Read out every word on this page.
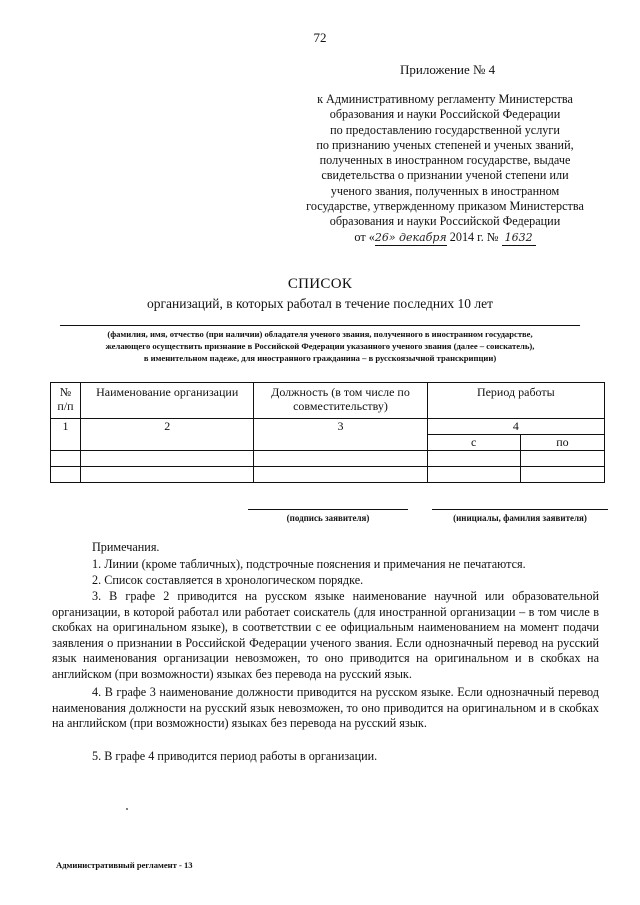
72
Приложение № 4
к Административному регламенту Министерства
образования и науки Российской Федерации
по предоставлению государственной услуги
по признанию ученых степеней и ученых званий,
полученных в иностранном государстве, выдаче
свидетельства о признании ученой степени или
ученого звания, полученных в иностранном
государстве, утвержденному приказом Министерства
образования и науки Российской Федерации
от «26» декабря 2014 г. № 1632
СПИСОК
организаций, в которых работал в течение последних 10 лет
(фамилия, имя, отчество (при наличии) обладателя ученого звания, полученного в иностранном государстве,
желающего осуществить признание в Российской Федерации указанного ученого звания (далее – соискатель),
в именительном падеже, для иностранного гражданина – в русскоязычной транскрипции)
№
п/п	Наименование организации	Должность (в том числе по совместительству)	Период работы	
1	2	3	4	
			с	по

(подпись заявителя)	(инициалы, фамилия заявителя)
Примечания.
1. Линии (кроме табличных), подстрочные пояснения и примечания не печатаются.
2. Список составляется в хронологическом порядке.
3. В графе 2 приводится на русском языке наименование научной или образовательной организации, в которой работал или работает соискатель (для иностранной организации – в том числе в скобках на оригинальном языке), в соответствии с ее официальным наименованием на момент подачи заявления о признании в Российской Федерации ученого звания. Если однозначный перевод на русский язык наименования организации невозможен, то оно приводится на оригинальном и в скобках на английском (при возможности) языках без перевода на русский язык.
4. В графе 3 наименование должности приводится на русском языке. Если однозначный перевод наименования должности на русский язык невозможен, то оно приводится на оригинальном и в скобках на английском (при возможности) языках без перевода на русский язык.
5. В графе 4 приводится период работы в организации.
Административный регламент - 13
